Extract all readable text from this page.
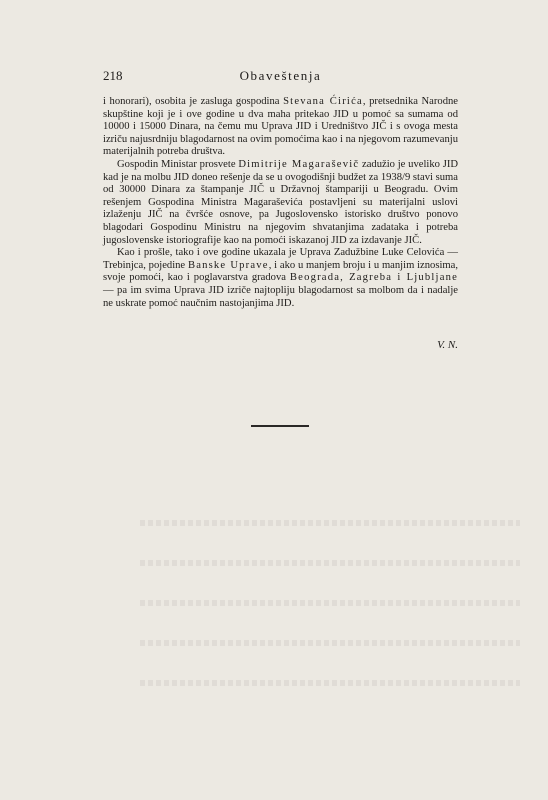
218	Obaveštenja

i honorari), osobita je zasluga gospodina Stevana Ćirića, pretsednika Narodne skupštine koji je i ove godine u dva maha pritekao JID u pomoć sa sumama od 10000 i 15000 Dinara, na čemu mu Uprava JID i Uredništvo JIČ i s ovoga mesta izriču najusrdniju blagodarnost na ovim pomoćima kao i na njegovom razumevanju materijalnih potreba društva.

Gospodin Ministar prosvete Dimitrije Magaraševič zadužio je uveliko JID kad je na molbu JID doneo rešenje da se u ovogodišnji budžet za 1938/9 stavi suma od 30000 Dinara za štampanje JIČ u Državnoj štampariji u Beogradu. Ovim rešenjem Gospodina Ministra Magaraševića postavljeni su materijalni uslovi izlaženju JIČ na čvršće osnove, pa Jugoslovensko istorisko društvo ponovo blagodari Gospodinu Ministru na njegovim shvatanjima zadataka i potreba jugoslovenske istoriografije kao na pomoći iskazanoj JID za izdavanje JIČ.

Kao i prošle, tako i ove godine ukazala je Uprava Zadužbine Luke Celovića — Trebinjca, pojedine Banske Uprave, i ako u manjem broju i u manjim iznosima, svoje pomoći, kao i poglavarstva gradova Beograda, Zagreba i Ljubljane — pa im svima Uprava JID izriče najtopliju blagodarnost sa molbom da i nadalje ne uskrate pomoć naučnim nastojanjima JID.

V. N.
